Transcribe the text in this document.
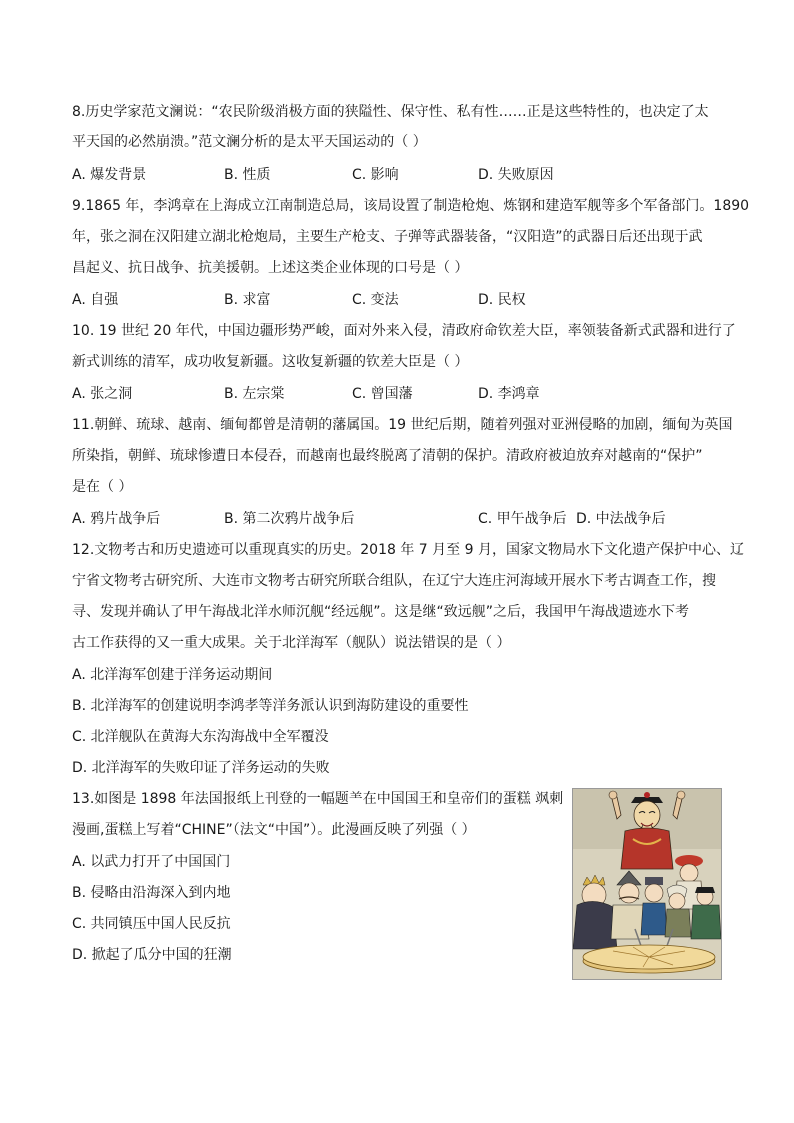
8.历史学家范文澜说：“农民阶级消极方面的狭隘性、保守性、私有性……正是这些特性的，也决定了太
平天国的必然崩溃。”范文澜分析的是太平天国运动的（ ）
A. 爆发背景	B. 性质	C. 影响	D. 失败原因
9.1865 年，李鸿章在上海成立江南制造总局，该局设置了制造枪炮、炼钢和建造军舰等多个军备部门。1890
年，张之洞在汉阳建立湖北枪炮局，主要生产枪支、子弹等武器装备，“汉阳造”的武器日后还出现于武
昌起义、抗日战争、抗美援朝。上述这类企业体现的口号是（ ）
A. 自强	B. 求富	C. 变法	D. 民权
10. 19 世纪 20 年代，中国边疆形势严峻，面对外来入侵，清政府命钦差大臣，率领装备新式武器和进行了
新式训练的清军，成功收复新疆。这收复新疆的钦差大臣是（ ）
A. 张之洞	B. 左宗棠	C. 曾国藩	D. 李鸿章
11.朝鲜、琉球、越南、缅甸都曾是清朝的藩属国。19 世纪后期，随着列强对亚洲侵略的加剧，缅甸为英国
所染指，朝鲜、琉球惨遭日本侵吞，而越南也最终脱离了清朝的保护。清政府被迫放弃对越南的“保护”
是在（ ）
A. 鸦片战争后	B. 第二次鸦片战争后	C. 甲午战争后 D. 中法战争后
12.文物考古和历史遗迹可以重现真实的历史。2018 年 7 月至 9 月，国家文物局水下文化遗产保护中心、辽
宁省文物考古研究所、大连市文物考古研究所联合组队，在辽宁大连庄河海域开展水下考古调查工作，搜
寻、发现并确认了甲午海战北洋水师沉舰“经远舰”。这是继“致远舰”之后，我国甲午海战遗迹水下考
古工作获得的又一重大成果。关于北洋海军（舰队）说法错误的是（ ）
A. 北洋海军创建于洋务运动期间
B. 北洋海军的创建说明李鸿孝等洋务派认识到海防建设的重要性
C. 北洋舰队在黄海大东沟海战中全军覆没
D. 北洋海军的失败印证了洋务运动的失败
13.如图是 1898 年法国报纸上刊登的一幅题⺷在中国国王和皇帝们的蛋糕 飒刺
漫画,蛋糕上写着“CHINE”（法文“中国”）。此漫画反映了列强（ ）
A. 以武力打开了中国国门
B. 侵略由沿海深入到内地
C. 共同镇压中国人民反抗
D. 掀起了瓜分中国的狂潮
